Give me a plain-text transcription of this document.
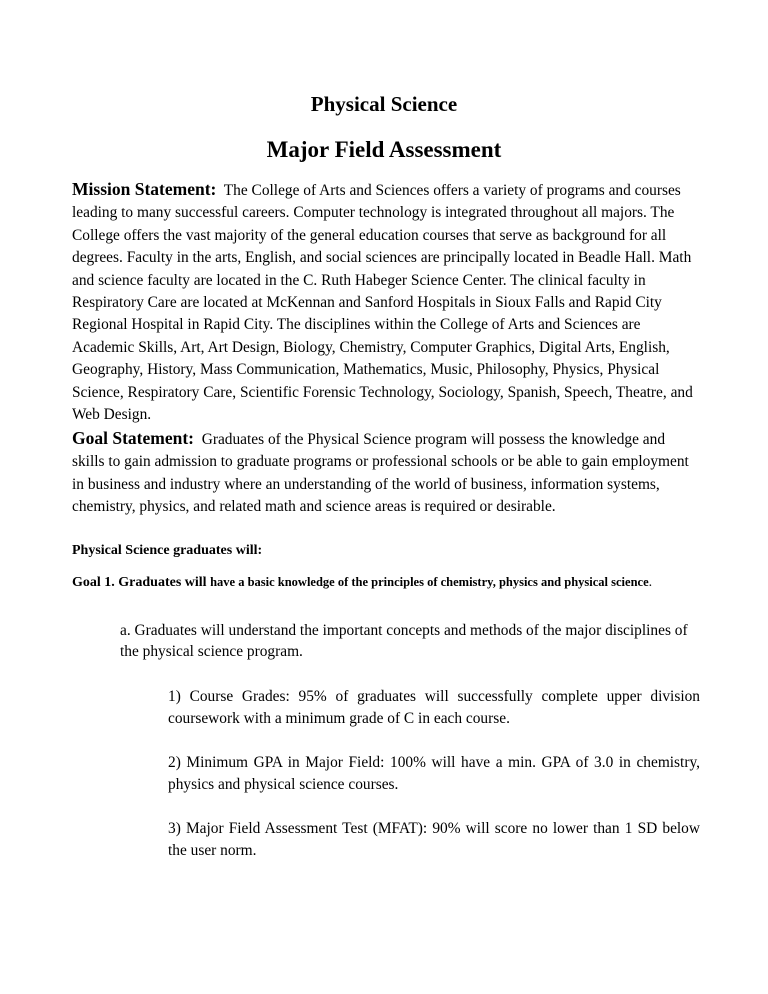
Physical Science
Major Field Assessment

Mission Statement: The College of Arts and Sciences offers a variety of programs and courses leading to many successful careers. Computer technology is integrated throughout all majors. The College offers the vast majority of the general education courses that serve as background for all degrees. Faculty in the arts, English, and social sciences are principally located in Beadle Hall. Math and science faculty are located in the C. Ruth Habeger Science Center. The clinical faculty in Respiratory Care are located at McKennan and Sanford Hospitals in Sioux Falls and Rapid City Regional Hospital in Rapid City. The disciplines within the College of Arts and Sciences are Academic Skills, Art, Art Design, Biology, Chemistry, Computer Graphics, Digital Arts, English, Geography, History, Mass Communication, Mathematics, Music, Philosophy, Physics, Physical Science, Respiratory Care, Scientific Forensic Technology, Sociology, Spanish, Speech, Theatre, and Web Design.

Goal Statement: Graduates of the Physical Science program will possess the knowledge and skills to gain admission to graduate programs or professional schools or be able to gain employment in business and industry where an understanding of the world of business, information systems, chemistry, physics, and related math and science areas is required or desirable.

Physical Science graduates will:

Goal 1. Graduates will have a basic knowledge of the principles of chemistry, physics and physical science.

a. Graduates will understand the important concepts and methods of the major disciplines of the physical science program.

1) Course Grades: 95% of graduates will successfully complete upper division coursework with a minimum grade of C in each course.

2) Minimum GPA in Major Field: 100% will have a min. GPA of 3.0 in chemistry, physics and physical science courses.

3) Major Field Assessment Test (MFAT): 90% will score no lower than 1 SD below the user norm.
